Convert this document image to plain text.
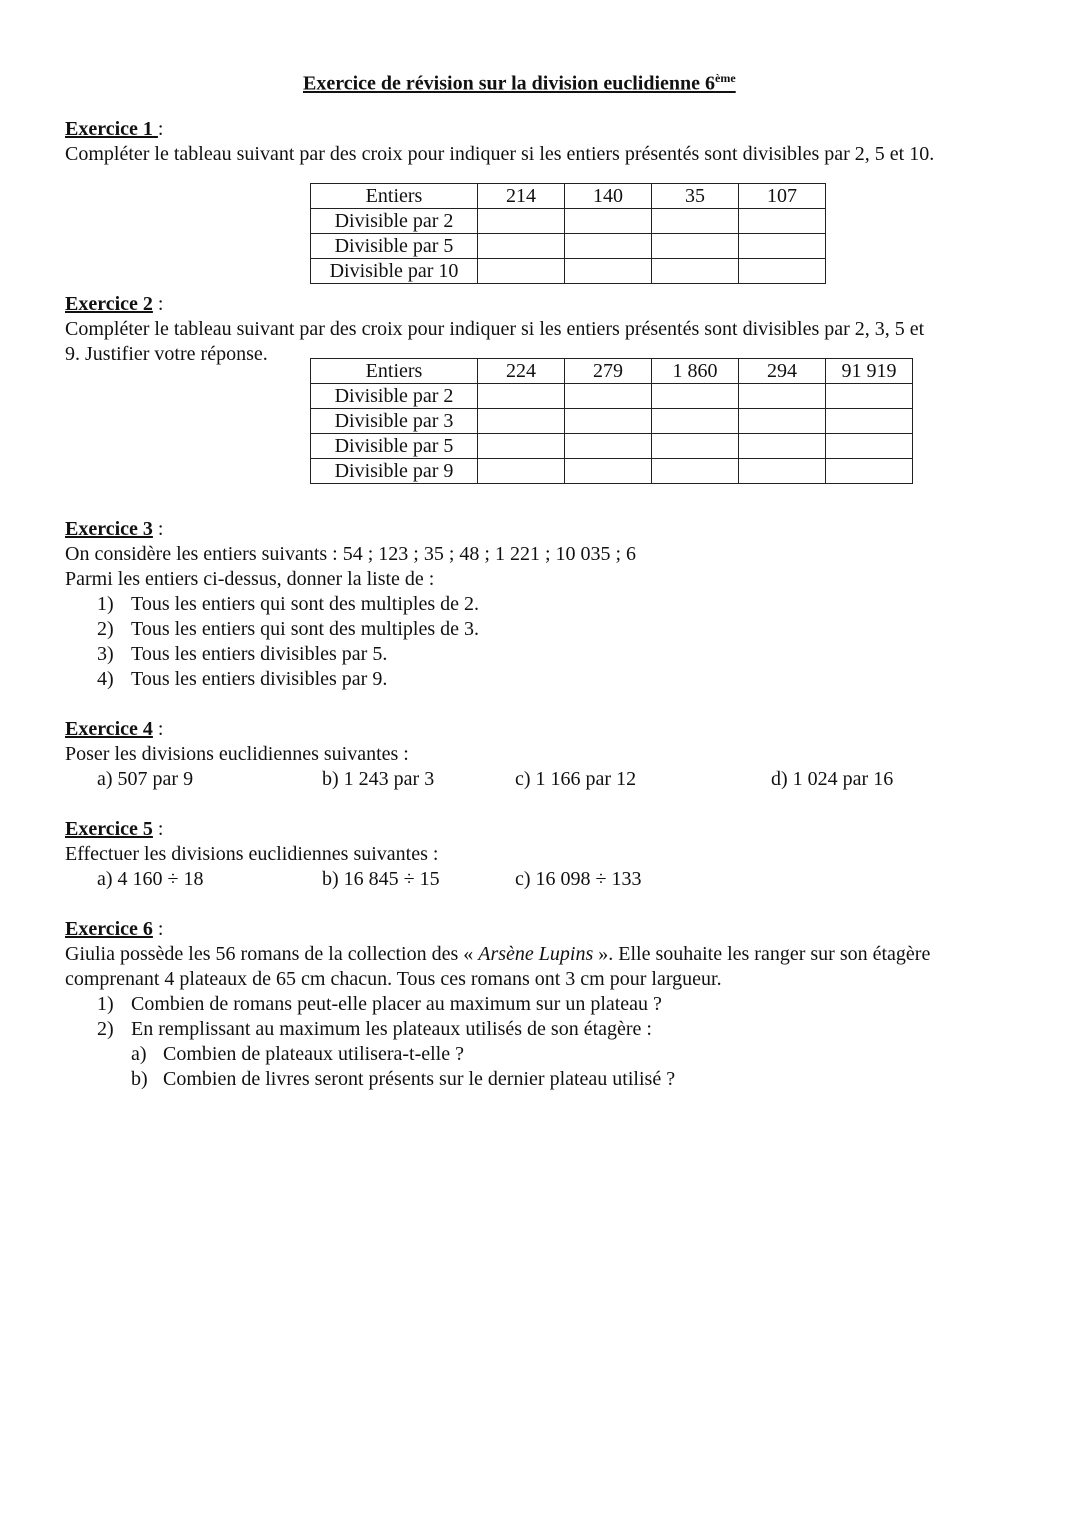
Exercice de révision sur la division euclidienne 6ème
Exercice 1 :
Compléter le tableau suivant par des croix pour indiquer si les entiers présentés sont divisibles par 2, 5 et 10.
Entiers	214	140	35	107
Divisible par 2				
Divisible par 5				
Divisible par 10				
Exercice 2 :
Compléter le tableau suivant par des croix pour indiquer si les entiers présentés sont divisibles par 2, 3, 5 et
9. Justifier votre réponse.
Entiers	224	279	1 860	294	91 919
Divisible par 2					
Divisible par 3					
Divisible par 5					
Divisible par 9					
Exercice 3 :
On considère les entiers suivants : 54 ; 123 ; 35 ; 48 ; 1 221 ; 10 035 ; 6
Parmi les entiers ci-dessus, donner la liste de :
1) Tous les entiers qui sont des multiples de 2.
2) Tous les entiers qui sont des multiples de 3.
3) Tous les entiers divisibles par 5.
4) Tous les entiers divisibles par 9.
Exercice 4 :
Poser les divisions euclidiennes suivantes :
a) 507 par 9	b) 1 243 par 3	c) 1 166 par 12	d) 1 024 par 16
Exercice 5 :
Effectuer les divisions euclidiennes suivantes :
a) 4 160 ÷ 18	b) 16 845 ÷ 15	c) 16 098 ÷ 133
Exercice 6 :
Giulia possède les 56 romans de la collection des « Arsène Lupins ». Elle souhaite les ranger sur son étagère
comprenant 4 plateaux de 65 cm chacun. Tous ces romans ont 3 cm pour largueur.
1) Combien de romans peut-elle placer au maximum sur un plateau ?
2) En remplissant au maximum les plateaux utilisés de son étagère :
a) Combien de plateaux utilisera-t-elle ?
b) Combien de livres seront présents sur le dernier plateau utilisé ?
